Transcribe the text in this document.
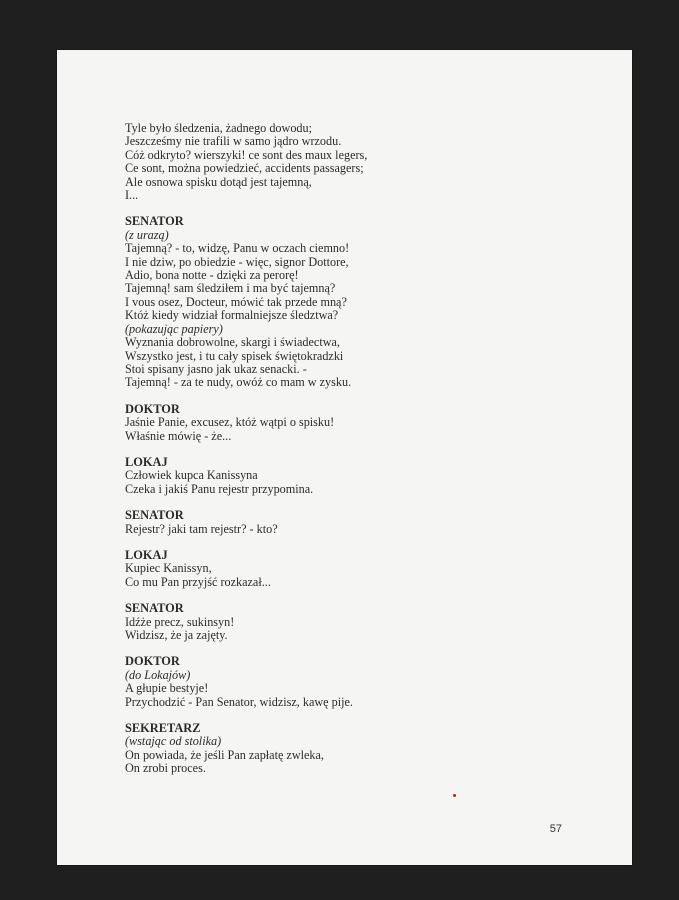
Tyle było śledzenia, żadnego dowodu;
Jeszcześmy nie trafili w samo jądro wrzodu.
Cóż odkryto? wierszyki! ce sont des maux legers,
Ce sont, można powiedzieć, accidents passagers;
Ale osnowa spisku dotąd jest tajemną,
I...
SENATOR
(z urazą)
Tajemną? - to, widzę, Panu w oczach ciemno!
I nie dziw, po obiedzie - więc, signor Dottore,
Adio, bona notte - dzięki za perorę!
Tajemną! sam śledziłem i ma być tajemną?
I vous osez, Docteur, mówić tak przede mną?
Któż kiedy widział formalniejsze śledztwa?
(pokazując papiery)
Wyznania dobrowolne, skargi i świadectwa,
Wszystko jest, i tu cały spisek świętokradzki
Stoi spisany jasno jak ukaz senacki. -
Tajemną! - za te nudy, owóż co mam w zysku.
DOKTOR
Jaśnie Panie, excusez, któż wątpi o spisku!
Właśnie mówię - że...
LOKAJ
Człowiek kupca Kanissyna
Czeka i jakiś Panu rejestr przypomina.
SENATOR
Rejestr? jaki tam rejestr? - kto?
LOKAJ
Kupiec Kanissyn,
Co mu Pan przyjść rozkazał...
SENATOR
Idźże precz, sukinsyn!
Widzisz, że ja zajęty.
DOKTOR
(do Lokajów)
A głupie bestyje!
Przychodzić - Pan Senator, widzisz, kawę pije.
SEKRETARZ
(wstając od stolika)
On powiada, że jeśli Pan zapłatę zwleka,
On zrobi proces.
57
